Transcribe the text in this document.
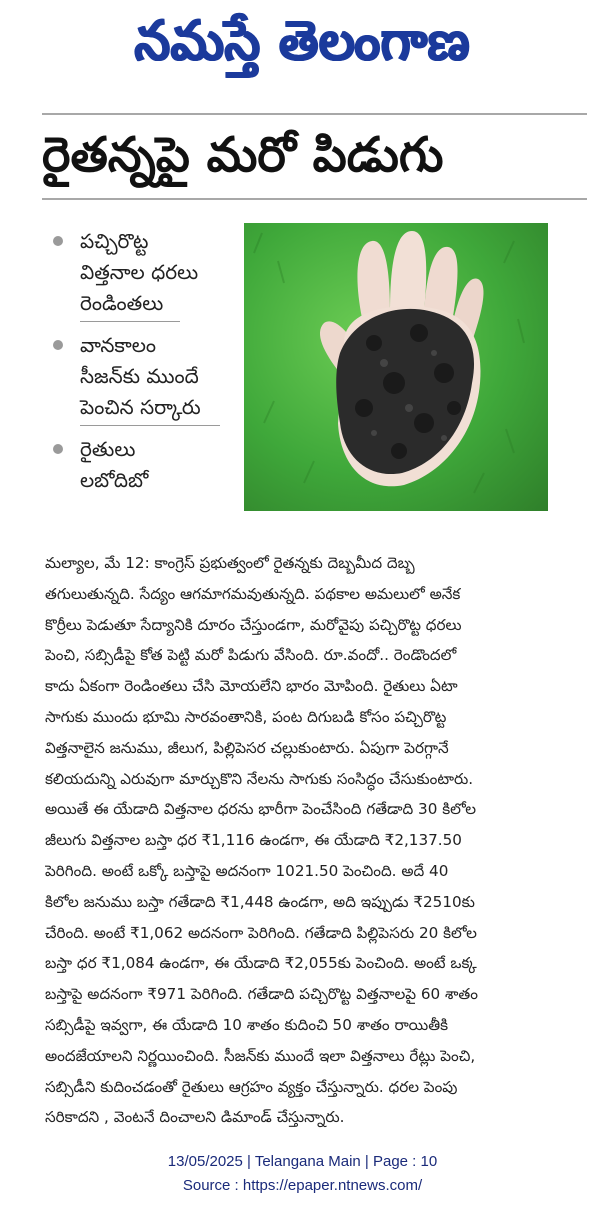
నమస్తే తెలంగాణ
రైతన్నపై మరో పిడుగు
పచ్చిరొట్ట
విత్తనాల ధరలు
రెండింతలు
వానకాలం
సీజన్‌కు ముందే
పెంచిన సర్కారు
రైతులు
లబోదిబో
మల్యాల, మే 12: కాంగ్రెస్ ప్రభుత్వంలో రైతన్నకు దెబ్బమీద దెబ్బ
తగులుతున్నది. సేద్యం ఆగమాగమవుతున్నది. పథకాల అమలులో అనేక
కొర్రీలు పెడుతూ సేద్యానికి దూరం చేస్తుండగా, మరోవైపు పచ్చిరొట్ట ధరలు
పెంచి, సబ్సిడీపై కోత పెట్టి మరో పిడుగు వేసింది. రూ.వందో.. రెండొందలో
కాదు ఏకంగా రెండింతలు చేసి మోయలేని భారం మోపింది. రైతులు ఏటా
సాగుకు ముందు భూమి సారవంతానికి, పంట దిగుబడి కోసం పచ్చిరొట్ట
విత్తనాలైన జనుము, జీలుగ, పిల్లిపెసర చల్లుకుంటారు. ఏపుగా పెరగ్గానే
కలియదున్ని ఎరువుగా మార్చుకొని నేలను సాగుకు సంసిద్ధం చేసుకుంటారు.
అయితే ఈ యేడాది విత్తనాల ధరను భారీగా పెంచేసింది గతేడాది 30 కిలోల
జీలుగు విత్తనాల బస్తా ధర ₹1,116 ఉండగా, ఈ యేడాది ₹2,137.50
పెరిగింది. అంటే ఒక్కో బస్తాపై అదనంగా 1021.50 పెంచింది. అదే 40
కిలోల జనుము బస్తా గతేడాది ₹1,448 ఉండగా, అది ఇప్పుడు ₹2510కు
చేరింది. అంటే ₹1,062 అదనంగా పెరిగింది. గతేడాది పిల్లిపెసరు 20 కిలోల
బస్తా ధర ₹1,084 ఉండగా, ఈ యేడాది ₹2,055కు పెంచింది. అంటే ఒక్క
బస్తాపై అదనంగా ₹971 పెరిగింది. గతేడాది పచ్చిరొట్ట విత్తనాలపై 60 శాతం
సబ్సిడీపై ఇవ్వగా, ఈ యేడాది 10 శాతం కుదించి 50 శాతం రాయితీకి
అందజేయాలని నిర్ణయించింది. సీజన్‌కు ముందే ఇలా విత్తనాలు రేట్లు పెంచి,
సబ్సిడీని కుదించడంతో రైతులు ఆగ్రహం వ్యక్తం చేస్తున్నారు. ధరల పెంపు
సరికాదని , వెంటనే దించాలని డిమాండ్ చేస్తున్నారు.
13/05/2025 | Telangana Main | Page : 10
Source : https://epaper.ntnews.com/
